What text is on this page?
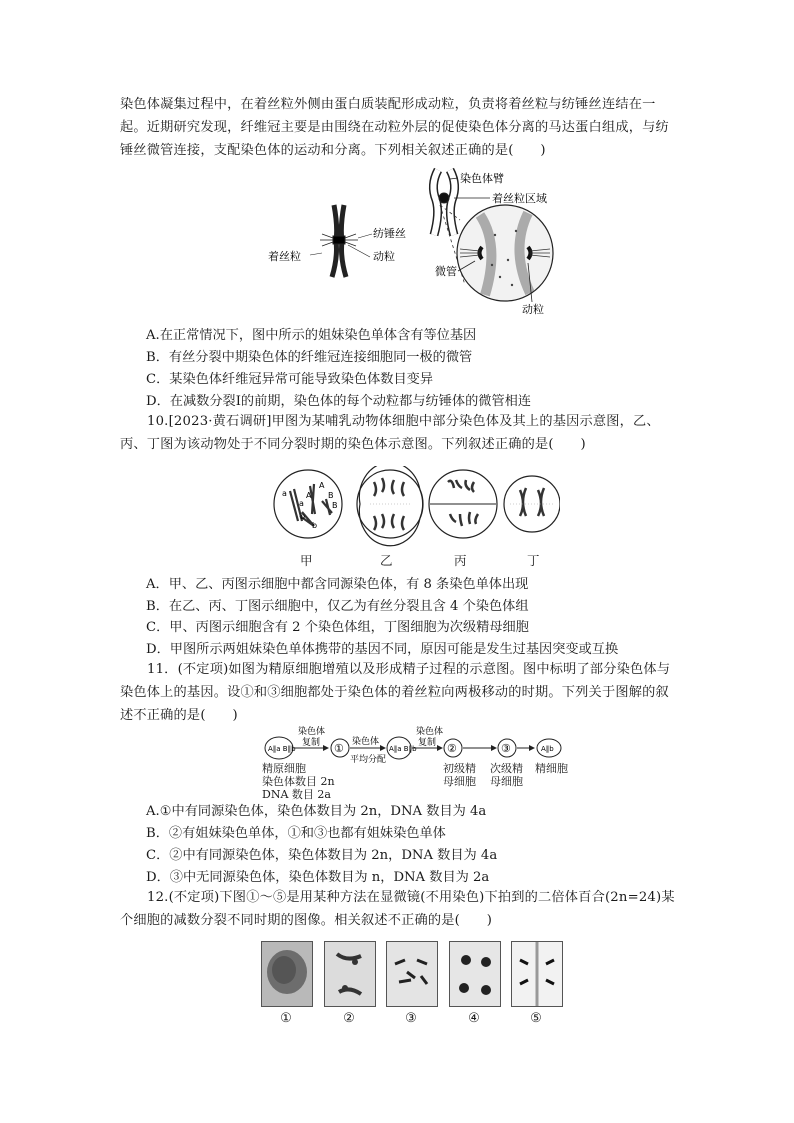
染色体凝集过程中，在着丝粒外侧由蛋白质装配形成动粒，负责将着丝粒与纺锤丝连结在一起。近期研究发现，纤维冠主要是由围绕在动粒外层的促使染色体分离的马达蛋白组成，与纺锤丝微管连接，支配染色体的运动和分离。下列相关叙述正确的是(　　)

纺锤丝
着丝粒	动粒
染色体臂
着丝粒区域
微管
动粒

A.在正常情况下，图中所示的姐妹染色单体含有等位基因

B．有丝分裂中期染色体的纤维冠连接细胞同一极的微管

C．某染色体纤维冠异常可能导致染色体数目变异

D．在减数分裂Ⅰ的前期，染色体的每个动粒都与纺锤体的微管相连

10.[2023·黄石调研]甲图为某哺乳动物体细胞中部分染色体及其上的基因示意图，乙、丙、丁图为该动物处于不同分裂时期的染色体示意图。下列叙述正确的是(　　)

a
a
A
A B
B
b
b
甲	乙	丙	丁

A．甲、乙、丙图示细胞中都含同源染色体，有 8 条染色单体出现

B．在乙、丙、丁图示细胞中，仅乙为有丝分裂且含 4 个染色体组

C．甲、丙图示细胞含有 2 个染色体组，丁图细胞为次级精母细胞

D．甲图所示两姐妹染色单体携带的基因不同，原因可能是发生过基因突变或互换

11．(不定项)如图为精原细胞增殖以及形成精子过程的示意图。图中标明了部分染色体与染色体上的基因。设①和③细胞都处于染色体的着丝粒向两极移动的时期。下列关于图解的叙述不正确的是(　　)

A‖a B‖b
染色体
复制 ① 染色体
平均分配
A‖a B‖b
染色体
复制 ②	③	A‖b
精原细胞
染色体数目 2n
DNA 数目 2a
初级精
母细胞
次级精
母细胞
精细胞

A.①中有同源染色体，染色体数目为 2n，DNA 数目为 4a

B．②有姐妹染色单体，①和③也都有姐妹染色单体

C．②中有同源染色体，染色体数目为 2n，DNA 数目为 4a

D．③中无同源染色体，染色体数目为 n，DNA 数目为 2a

12.(不定项)下图①～⑤是用某种方法在显微镜(不用染色)下拍到的二倍体百合(2n=24)某个细胞的减数分裂不同时期的图像。相关叙述不正确的是(　　)

①	②	③	④	⑤
